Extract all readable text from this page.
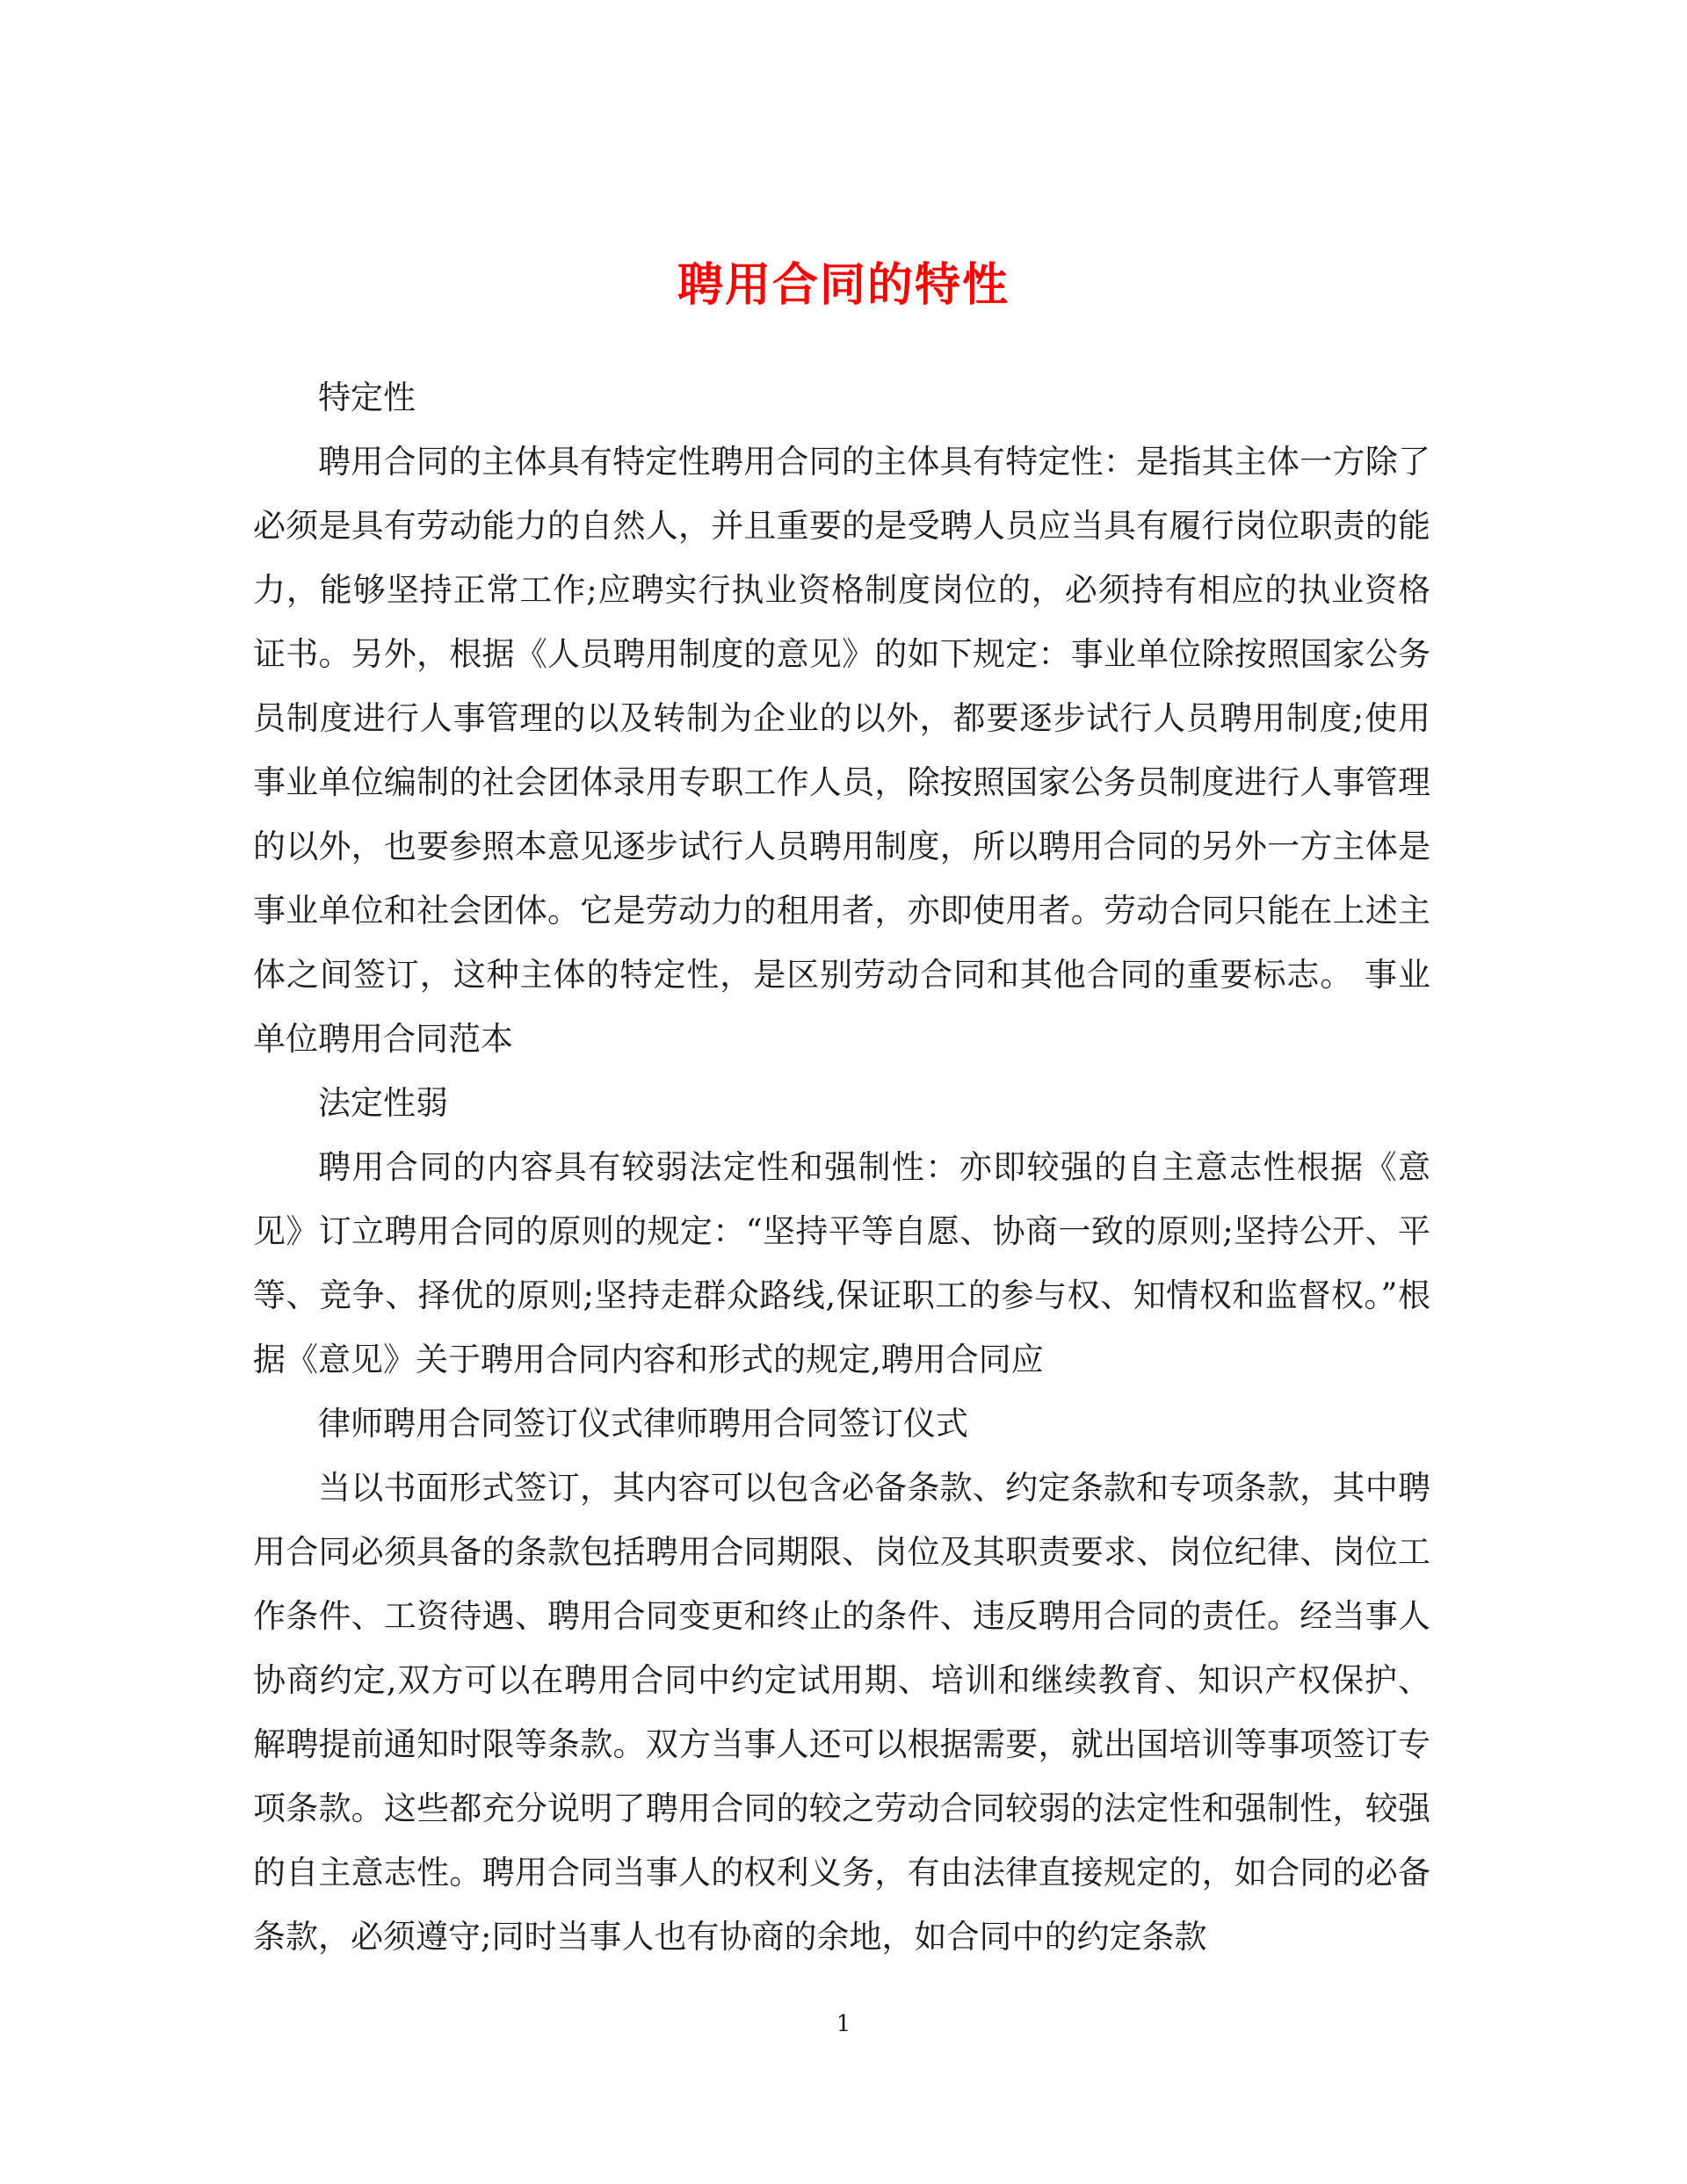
聘用合同的特性

特定性

聘用合同的主体具有特定性聘用合同的主体具有特定性：是指其主体一方除了必须是具有劳动能力的自然人，并且重要的是受聘人员应当具有履行岗位职责的能力，能够坚持正常工作;应聘实行执业资格制度岗位的，必须持有相应的执业资格证书。另外，根据《人员聘用制度的意见》的如下规定：事业单位除按照国家公务员制度进行人事管理的以及转制为企业的以外，都要逐步试行人员聘用制度;使用事业单位编制的社会团体录用专职工作人员，除按照国家公务员制度进行人事管理的以外，也要参照本意见逐步试行人员聘用制度，所以聘用合同的另外一方主体是事业单位和社会团体。它是劳动力的租用者，亦即使用者。劳动合同只能在上述主体之间签订，这种主体的特定性，是区别劳动合同和其他合同的重要标志。 事业单位聘用合同范本

法定性弱

聘用合同的内容具有较弱法定性和强制性：亦即较强的自主意志性根据《意见》订立聘用合同的原则的规定：“坚持平等自愿、协商一致的原则;坚持公开、平等、竞争、择优的原则;坚持走群众路线,保证职工的参与权、知情权和监督权。”根据《意见》关于聘用合同内容和形式的规定,聘用合同应

律师聘用合同签订仪式律师聘用合同签订仪式

当以书面形式签订，其内容可以包含必备条款、约定条款和专项条款，其中聘用合同必须具备的条款包括聘用合同期限、岗位及其职责要求、岗位纪律、岗位工作条件、工资待遇、聘用合同变更和终止的条件、违反聘用合同的责任。经当事人协商约定,双方可以在聘用合同中约定试用期、培训和继续教育、知识产权保护、解聘提前通知时限等条款。双方当事人还可以根据需要，就出国培训等事项签订专项条款。这些都充分说明了聘用合同的较之劳动合同较弱的法定性和强制性，较强的自主意志性。聘用合同当事人的权利义务，有由法律直接规定的，如合同的必备条款，必须遵守;同时当事人也有协商的余地，如合同中的约定条款

1
